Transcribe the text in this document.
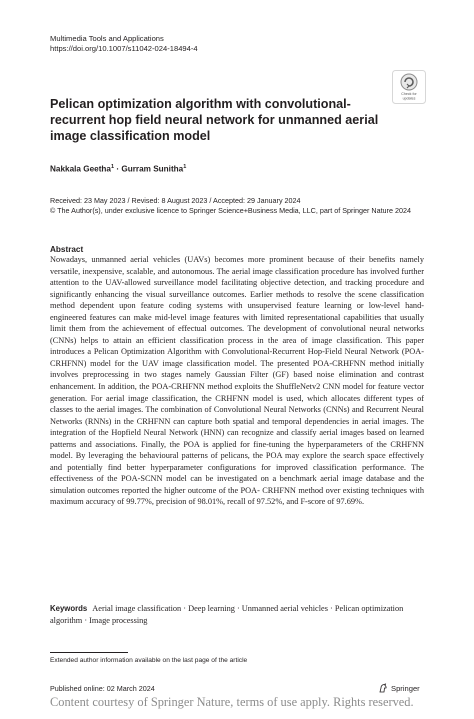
Multimedia Tools and Applications
https://doi.org/10.1007/s11042-024-18494-4
Check for
updates
Pelican optimization algorithm with convolutional-recurrent hop field neural network for unmanned aerial image classification model
Nakkala Geetha$^1$ · Gurram Sunitha$^1$
Received: 23 May 2023 / Revised: 8 August 2023 / Accepted: 29 January 2024
© The Author(s), under exclusive licence to Springer Science+Business Media, LLC, part of Springer Nature 2024
Abstract
Nowadays, unmanned aerial vehicles (UAVs) becomes more prominent because of their benefits namely versatile, inexpensive, scalable, and autonomous. The aerial image classification procedure has involved further attention to the UAV-allowed surveillance model facilitating objective detection, and tracking procedure and significantly enhancing the visual surveillance outcomes. Earlier methods to resolve the scene classification method dependent upon feature coding systems with unsupervised feature learning or low-level hand-engineered features can make mid-level image features with limited representational capabilities that usually limit them from the achievement of effectual outcomes. The development of convolutional neural networks (CNNs) helps to attain an efficient classification process in the area of image classification. This paper introduces a Pelican Optimization Algorithm with Convolutional-Recurrent Hop-Field Neural Network (POA-CRHFNN) model for the UAV image classification model. The presented POA-CRHFNN method initially involves preprocessing in two stages namely Gaussian Filter (GF) based noise elimination and contrast enhancement. In addition, the POA-CRHFNN method exploits the ShuffleNetv2 CNN model for feature vector generation. For aerial image classification, the CRHFNN model is used, which allocates different types of classes to the aerial images. The combination of Convolutional Neural Networks (CNNs) and Recurrent Neural Networks (RNNs) in the CRHFNN can capture both spatial and temporal dependencies in aerial images. The integration of the Hopfield Neural Network (HNN) can recognize and classify aerial images based on learned patterns and associations. Finally, the POA is applied for fine-tuning the hyperparameters of the CRHFNN model. By leveraging the behavioural patterns of pelicans, the POA may explore the search space effectively and potentially find better hyperparameter configurations for improved classification performance. The effectiveness of the POA-SCNN model can be investigated on a benchmark aerial image database and the simulation outcomes reported the higher outcome of the POA- CRHFNN method over existing techniques with maximum accuracy of 99.77%, precision of 98.01%, recall of 97.52%, and F-score of 97.69%.
Keywords Aerial image classification · Deep learning · Unmanned aerial vehicles · Pelican optimization algorithm · Image processing
Extended author information available on the last page of the article
Published online: 02 March 2024	Springer
Content courtesy of Springer Nature, terms of use apply. Rights reserved.
